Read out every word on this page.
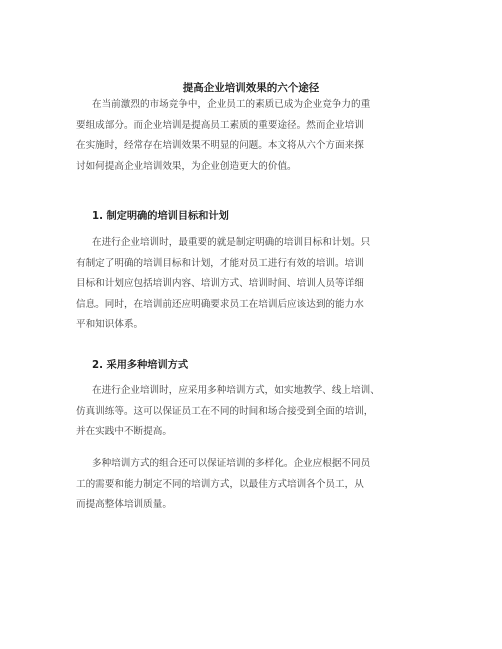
提高企业培训效果的六个途径

在当前激烈的市场竞争中，企业员工的素质已成为企业竞争力的重
要组成部分。而企业培训是提高员工素质的重要途径。然而企业培训
在实施时，经常存在培训效果不明显的问题。本文将从六个方面来探
讨如何提高企业培训效果，为企业创造更大的价值。

1. 制定明确的培训目标和计划

在进行企业培训时，最重要的就是制定明确的培训目标和计划。只
有制定了明确的培训目标和计划，才能对员工进行有效的培训。培训
目标和计划应包括培训内容、培训方式、培训时间、培训人员等详细
信息。同时，在培训前还应明确要求员工在培训后应该达到的能力水
平和知识体系。

2. 采用多种培训方式

在进行企业培训时，应采用多种培训方式，如实地教学、线上培训、
仿真训练等。这可以保证员工在不同的时间和场合接受到全面的培训，
并在实践中不断提高。

多种培训方式的组合还可以保证培训的多样化。企业应根据不同员
工的需要和能力制定不同的培训方式，以最佳方式培训各个员工，从
而提高整体培训质量。
